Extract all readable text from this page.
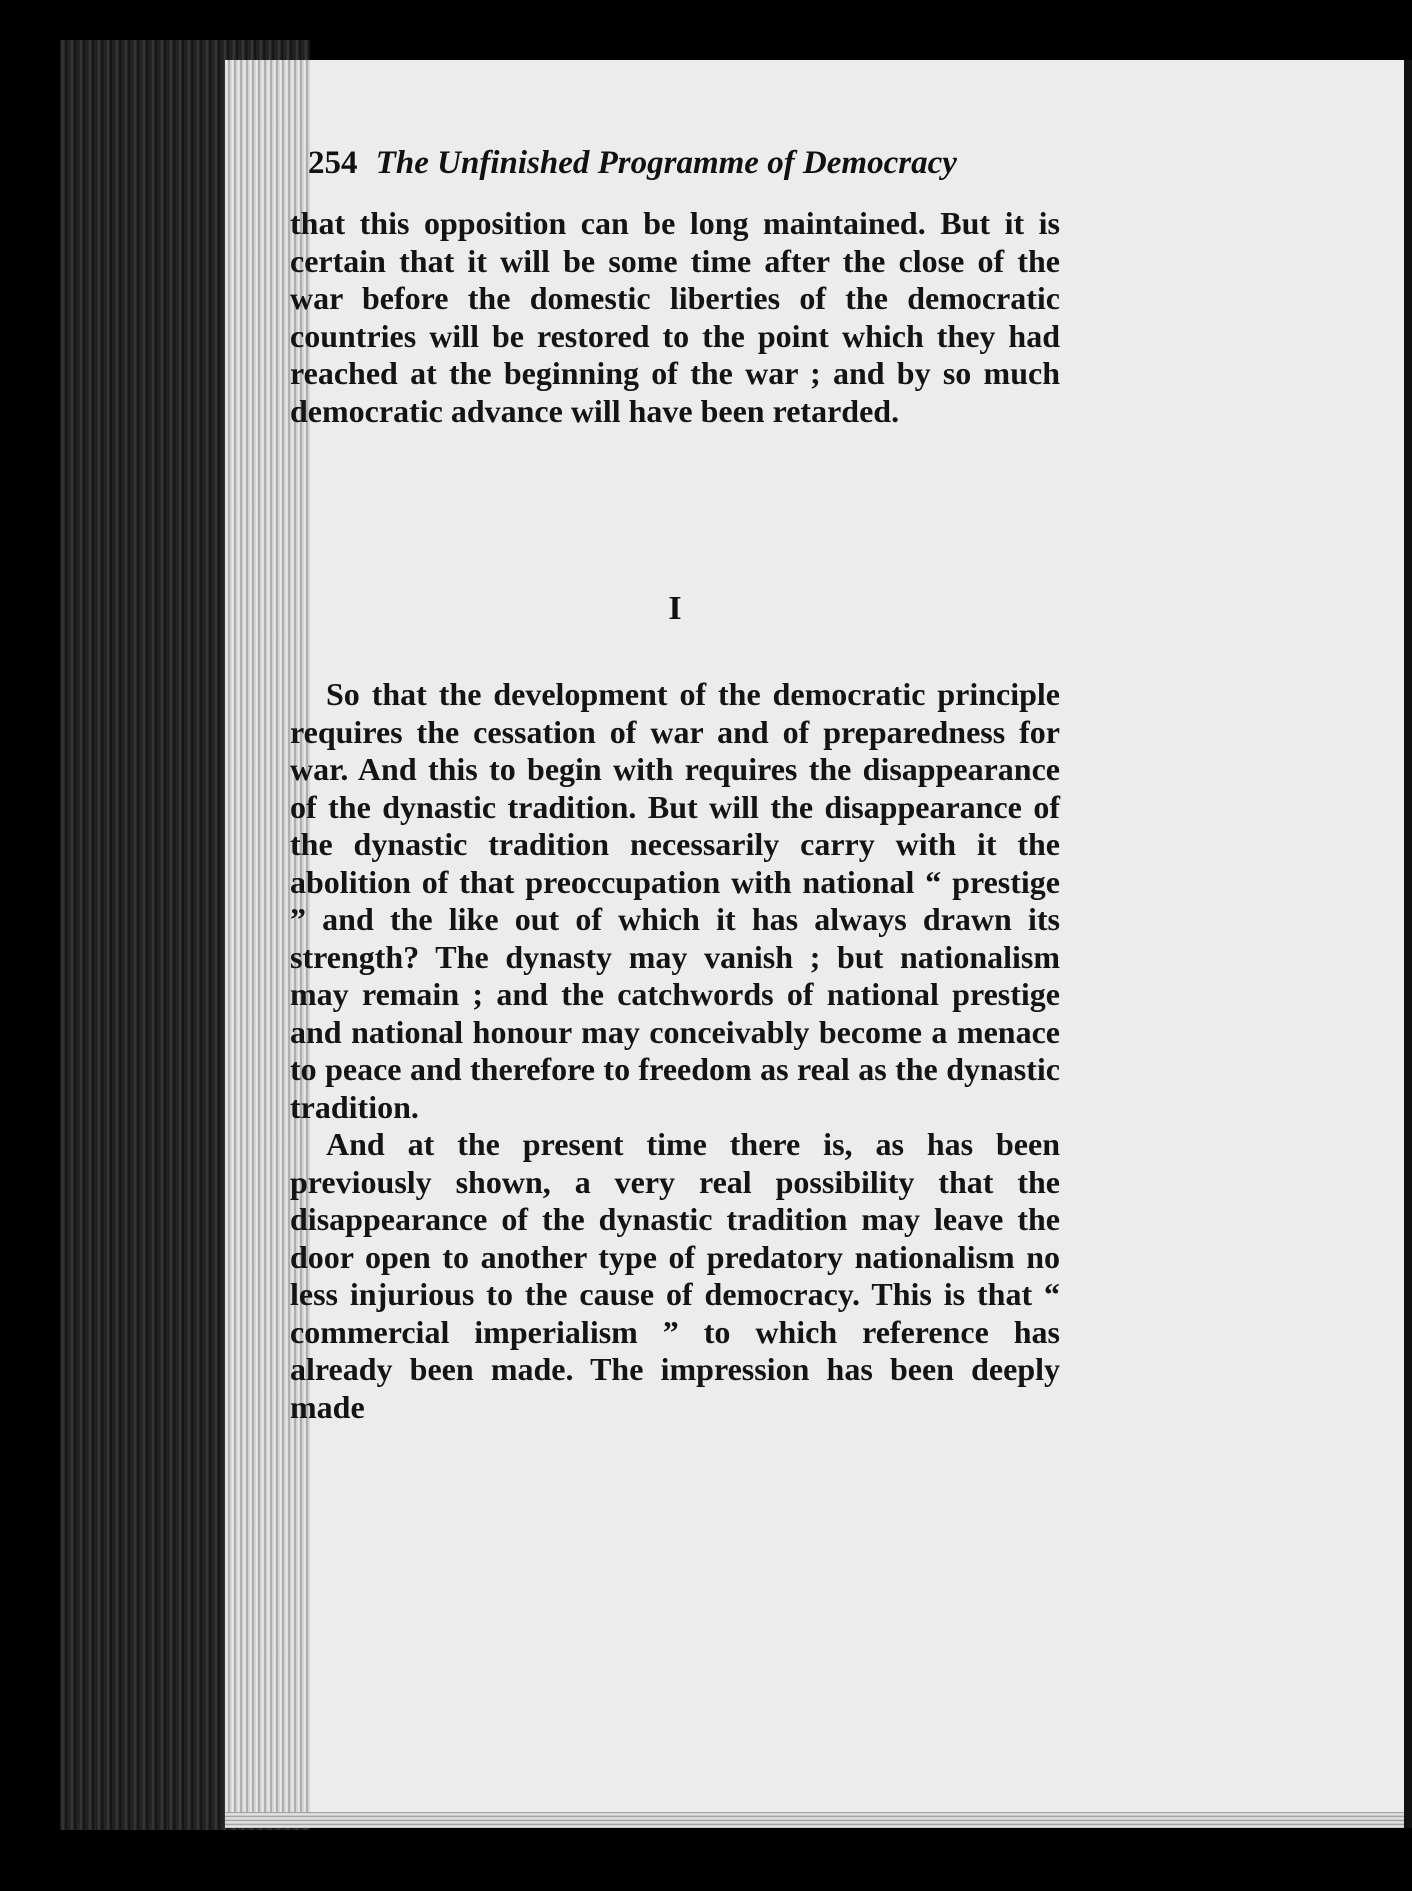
254 The Unfinished Programme of Democracy

that this opposition can be long maintained. But it is certain that it will be some time after the close of the war before the domestic liberties of the democratic countries will be restored to the point which they had reached at the beginning of the war ; and by so much democratic advance will have been retarded.

I

So that the development of the democratic principle requires the cessation of war and of preparedness for war. And this to begin with requires the disappearance of the dynastic tradition. But will the disappearance of the dynastic tradition necessarily carry with it the abolition of that preoccupation with national “ prestige ” and the like out of which it has always drawn its strength? The dynasty may vanish ; but nationalism may remain ; and the catchwords of national prestige and national honour may conceivably become a menace to peace and therefore to freedom as real as the dynastic tradition.

And at the present time there is, as has been previously shown, a very real possibility that the disappearance of the dynastic tradition may leave the door open to another type of predatory nationalism no less injurious to the cause of democracy. This is that “ commercial imperialism ” to which reference has already been made. The impression has been deeply made
